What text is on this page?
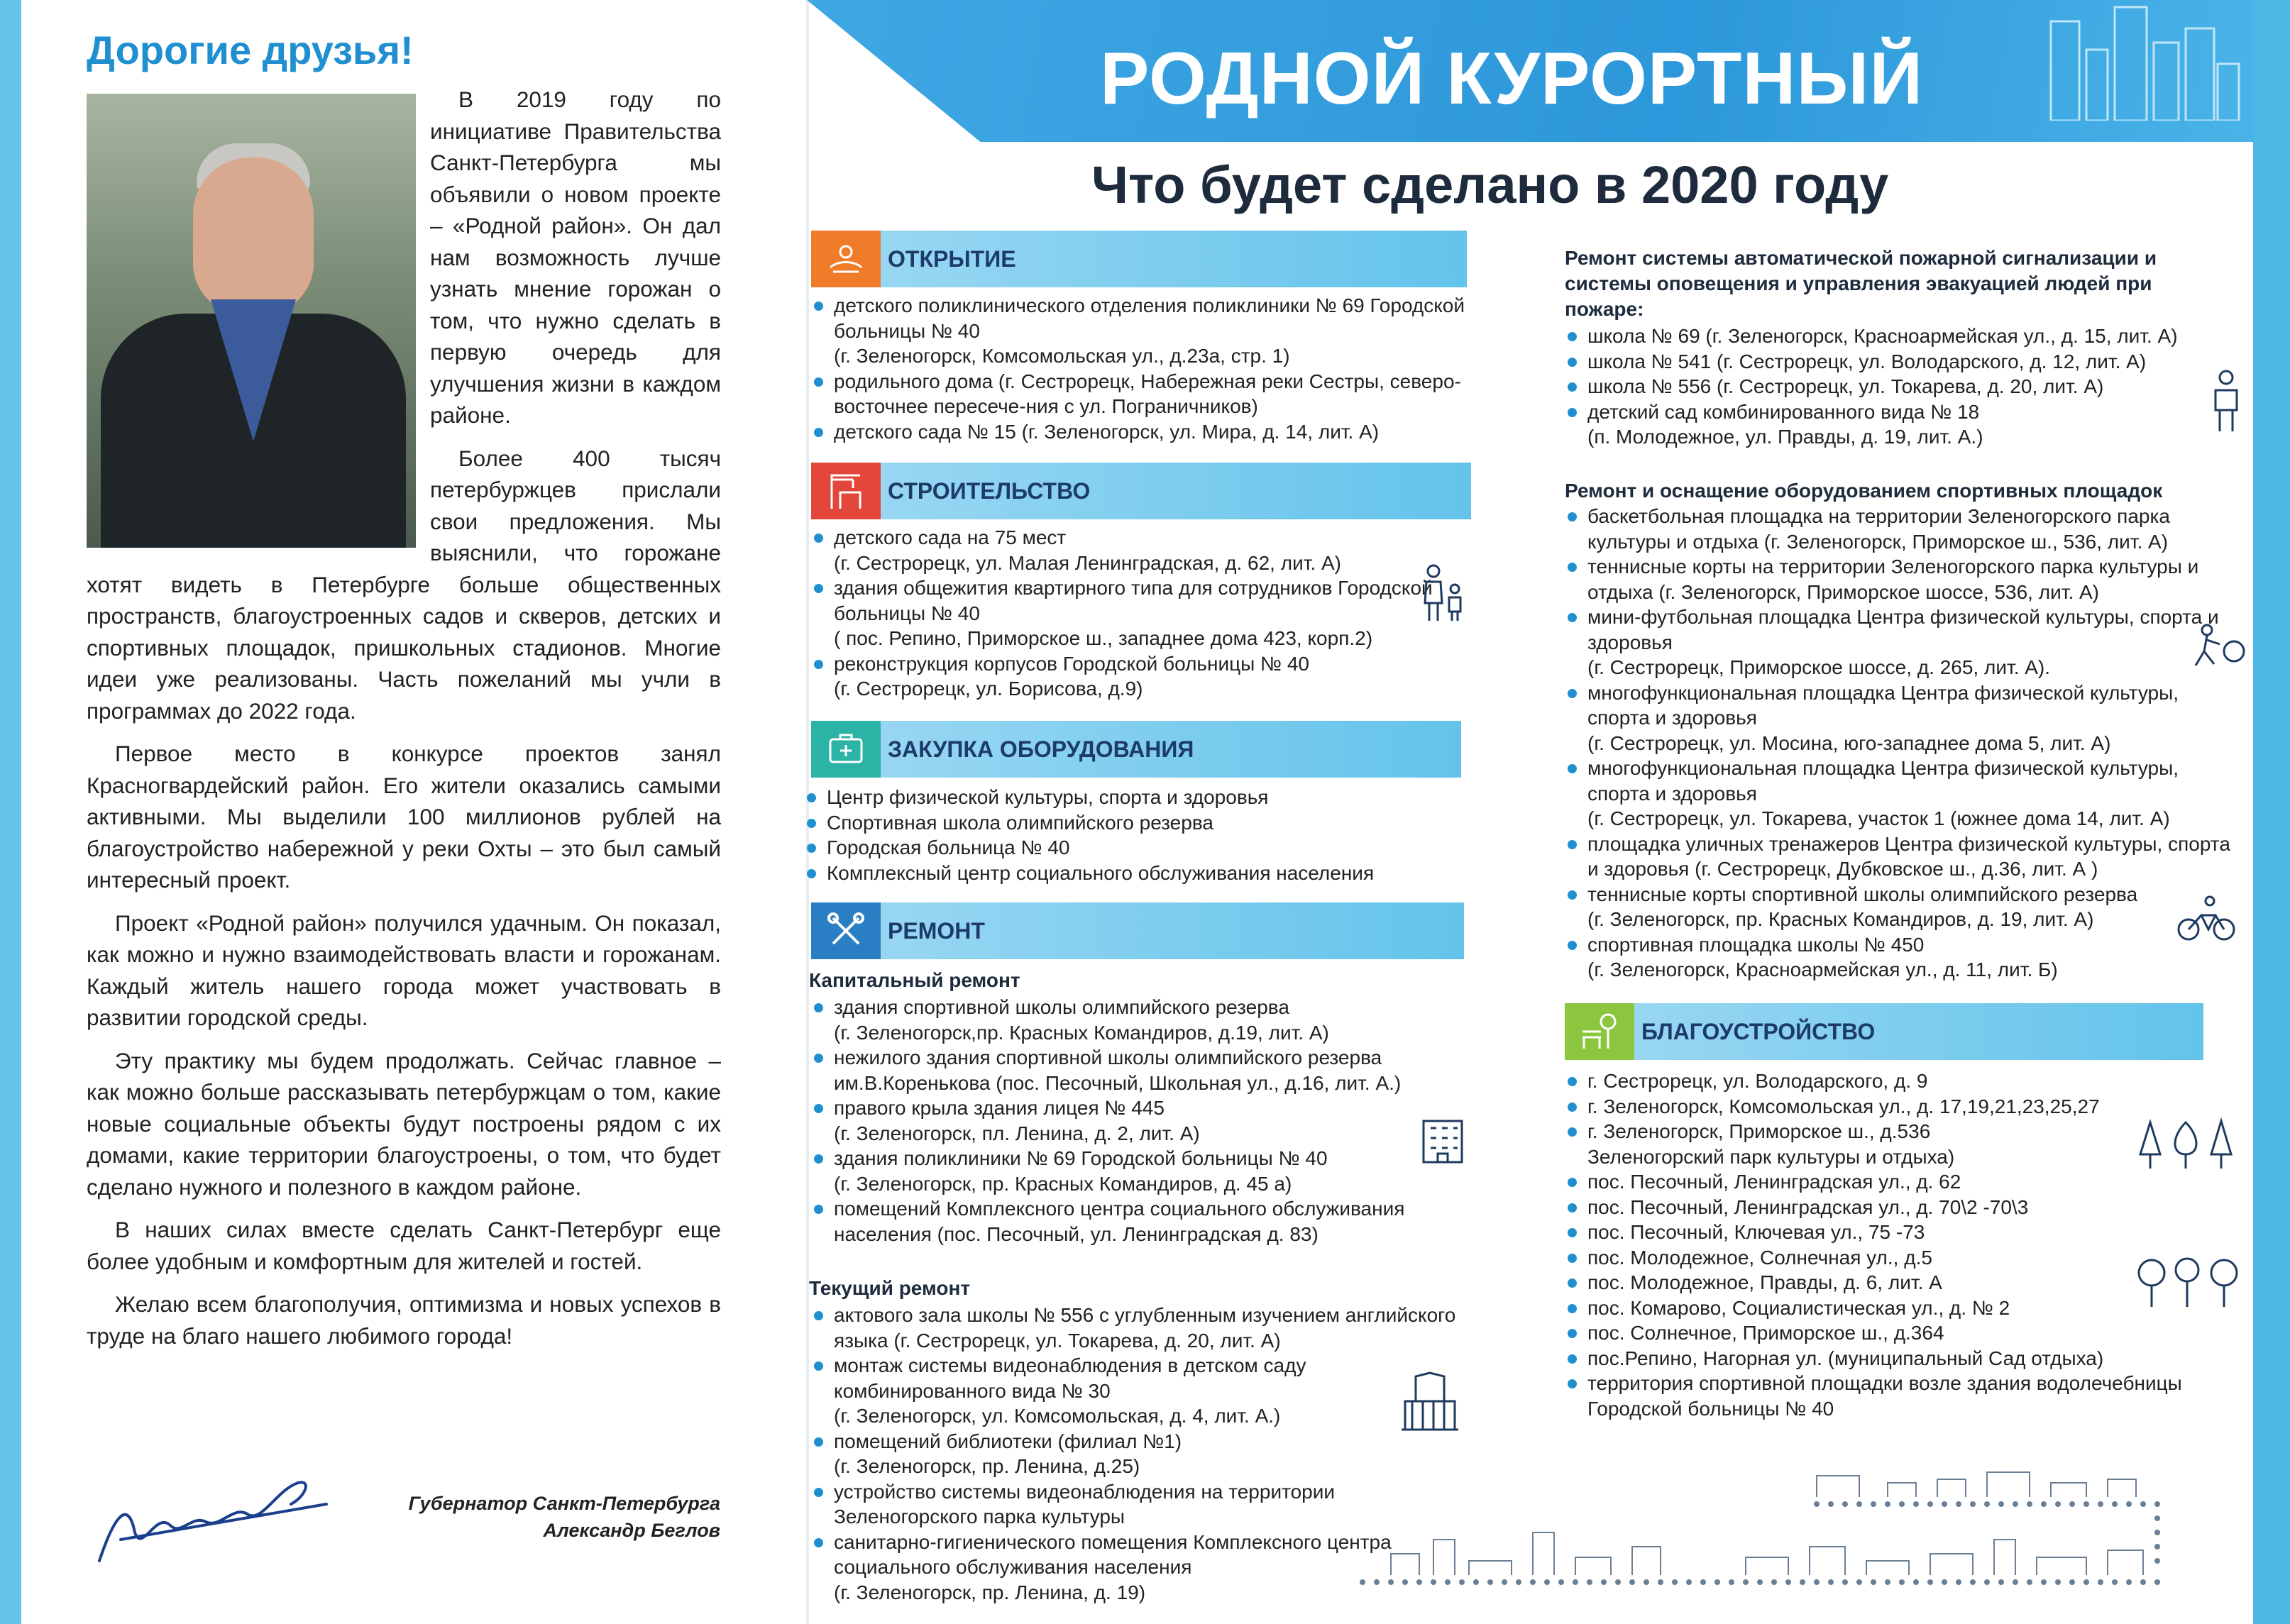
Дорогие друзья!

В 2019 году по инициативе Правительства Санкт-Петербурга мы объявили о новом проекте – «Родной район». Он дал нам возможность лучше узнать мнение горожан о том, что нужно сделать в первую очередь для улучшения жизни в каждом районе.

Более 400 тысяч петербуржцев прислали свои предложения. Мы выяснили, что горожане хотят видеть в Петербурге больше общественных пространств, благоустроенных садов и скверов, детских и спортивных площадок, пришкольных стадионов. Многие идеи уже реализованы. Часть пожеланий мы учли в программах до 2022 года.

Первое место в конкурсе проектов занял Красногвардейский район. Его жители оказались самыми активными. Мы выделили 100 миллионов рублей на благоустройство набережной у реки Охты – это был самый интересный проект.

Проект «Родной район» получился удачным. Он показал, как можно и нужно взаимодействовать власти и горожанам. Каждый житель нашего города может участвовать в развитии городской среды.

Эту практику мы будем продолжать. Сейчас главное – как можно больше рассказывать петербуржцам о том, какие новые социальные объекты будут построены рядом с их домами, какие территории благоустроены, о том, что будет сделано нужного и полезного в каждом районе.

В наших силах вместе сделать Санкт-Петербург еще более удобным и комфортным для жителей и гостей.

Желаю всем благополучия, оптимизма и новых успехов в труде на благо нашего любимого города!

Губернатор Санкт-Петербурга
Александр Беглов
РОДНОЙ КУРОРТНЫЙ
Что будет сделано в 2020 году
ОТКРЫТИЕ
детского поликлинического отделения поликлиники № 69 Городской больницы № 40
(г. Зеленогорск, Комсомольская ул., д.23а, стр. 1)
родильного дома (г. Сестрорецк, Набережная реки Сестры, северо-восточнее пересече-ния с ул. Пограничников)
детского сада № 15 (г. Зеленогорск, ул. Мира, д. 14, лит. А)
СТРОИТЕЛЬСТВО
детского сада на 75 мест
(г. Сестрорецк, ул. Малая Ленинградская, д. 62, лит. А)
здания общежития квартирного типа для сотрудников Городской больницы № 40
( пос. Репино, Приморское ш., западнее дома 423, корп.2)
реконструкция корпусов Городской больницы № 40
(г. Сестрорецк, ул. Борисова, д.9)
ЗАКУПКА ОБОРУДОВАНИЯ
Центр физической культуры, спорта и здоровья
Спортивная школа олимпийского резерва
Городская больница № 40
Комплексный центр социального обслуживания населения
РЕМОНТ
Капитальный ремонт
здания спортивной школы олимпийского резерва
(г. Зеленогорск,пр. Красных Командиров, д.19, лит. А)
нежилого здания спортивной школы олимпийского резерва им.В.Коренькова (пос. Песочный, Школьная ул., д.16, лит. А.)
правого крыла здания лицея № 445
(г. Зеленогорск, пл. Ленина, д. 2, лит. А)
здания поликлиники № 69 Городской больницы № 40
(г. Зеленогорск, пр. Красных Командиров, д. 45 а)
помещений Комплексного центра социального обслуживания населения (пос. Песочный, ул. Ленинградская д. 83)
Текущий ремонт
актового зала школы № 556 с углубленным изучением английского языка (г. Сестрорецк, ул. Токарева, д. 20, лит. А)
монтаж системы видеонаблюдения в детском саду комбинированного вида № 30
(г. Зеленогорск, ул. Комсомольская, д. 4, лит. А.)
помещений библиотеки (филиал №1)
(г. Зеленогорск, пр. Ленина, д.25)
устройство системы видеонаблюдения на территории Зеленогорского парка культуры
санитарно-гигиенического помещения Комплексного центра социального обслуживания населения
(г. Зеленогорск, пр. Ленина, д. 19)
Ремонт системы автоматической пожарной сигнализации и системы оповещения и управления эвакуацией людей при пожаре:
школа № 69 (г. Зеленогорск, Красноармейская ул., д. 15, лит. А)
школа № 541 (г. Сестрорецк, ул. Володарского, д. 12, лит. А)
школа № 556 (г. Сестрорецк, ул. Токарева, д. 20, лит. А)
детский сад комбинированного вида № 18
(п. Молодежное, ул. Правды, д. 19, лит. А.)
Ремонт и оснащение оборудованием спортивных площадок
баскетбольная площадка на территории Зеленогорского парка культуры и отдыха (г. Зеленогорск, Приморское ш., 536, лит. А)
теннисные корты на территории Зеленогорского парка культуры и отдыха (г. Зеленогорск, Приморское шоссе, 536, лит. А)
мини-футбольная площадка Центра физической культуры, спорта и здоровья
(г. Сестрорецк, Приморское шоссе, д. 265, лит. А).
многофункциональная площадка Центра физической культуры, спорта и здоровья
(г. Сестрорецк, ул. Мосина, юго-западнее дома 5, лит. А)
многофункциональная площадка Центра физической культуры, спорта и здоровья
(г. Сестрорецк, ул. Токарева, участок 1 (южнее дома 14, лит. А)
площадка уличных тренажеров Центра физической культуры, спорта и здоровья (г. Сестрорецк, Дубковское ш., д.36, лит. А )
теннисные корты спортивной школы олимпийского резерва
(г. Зеленогорск, пр. Красных Командиров, д. 19, лит. А)
спортивная площадка школы № 450
(г. Зеленогорск, Красноармейская ул., д. 11, лит. Б)
БЛАГОУСТРОЙСТВО
г. Сестрорецк, ул. Володарского, д. 9
г. Зеленогорск, Комсомольская ул., д. 17,19,21,23,25,27
г. Зеленогорск, Приморское ш., д.536
Зеленогорский парк культуры и отдыха)
пос. Песочный, Ленинградская ул., д. 62
пос. Песочный, Ленинградская ул., д. 70\2 -70\3
пос. Песочный, Ключевая ул., 75 -73
пос. Молодежное, Солнечная ул., д.5
пос. Молодежное, Правды, д. 6, лит. А
пос. Комарово, Социалистическая ул., д. № 2
пос. Солнечное, Приморское ш., д.364
пос.Репино, Нагорная ул. (муниципальный Сад отдыха)
территория спортивной площадки возле здания водолечебницы Городской больницы № 40
